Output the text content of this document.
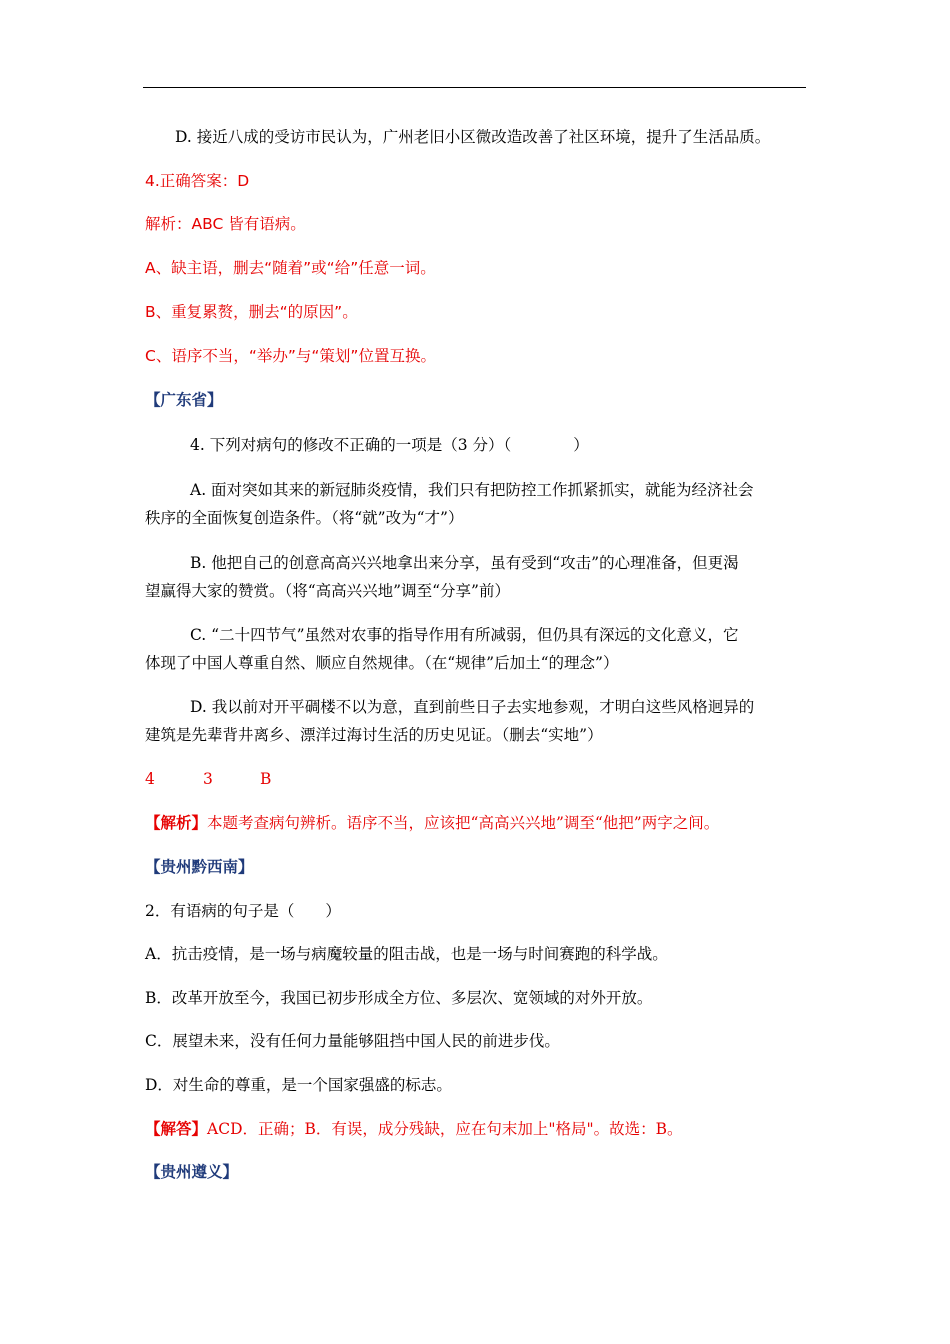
D. 接近八成的受访市民认为，广州老旧小区微改造改善了社区环境，提升了生活品质。
4.正确答案：D
解析：ABC 皆有语病。
A、缺主语，删去“随着”或“给”任意一词。
B、重复累赘，删去“的原因”。
C、语序不当，“举办”与“策划”位置互换。
【广东省】
4. 下列对病句的修改不正确的一项是（3 分）（　　　　）
A. 面对突如其来的新冠肺炎疫情，我们只有把防控工作抓紧抓实，就能为经济社会
秩序的全面恢复创造条件。（将“就”改为“才”）
B. 他把自己的创意高高兴兴地拿出来分享，虽有受到“攻击”的心理准备，但更渴
望赢得大家的赞赏。（将“高高兴兴地”调至“分享”前）
C. “二十四节气”虽然对农事的指导作用有所减弱，但仍具有深远的文化意义，它
体现了中国人尊重自然、顺应自然规律。（在“规律”后加土“的理念”）
D. 我以前对开平碉楼不以为意，直到前些日子去实地参观，才明白这些风格迥异的
建筑是先辈背井离乡、漂洋过海讨生活的历史见证。（删去“实地”）
4	3	B
【解析】本题考查病句辨析。语序不当，应该把“高高兴兴地”调至“他把”两字之间。
【贵州黔西南】
2．有语病的句子是（　　）
A．抗击疫情，是一场与病魔较量的阻击战，也是一场与时间赛跑的科学战。
B．改革开放至今，我国已初步形成全方位、多层次、宽领域的对外开放。
C．展望未来，没有任何力量能够阻挡中国人民的前进步伐。
D．对生命的尊重，是一个国家强盛的标志。
【解答】ACD．正确；B．有误，成分残缺，应在句末加上"格局"。故选：B。
【贵州遵义】
